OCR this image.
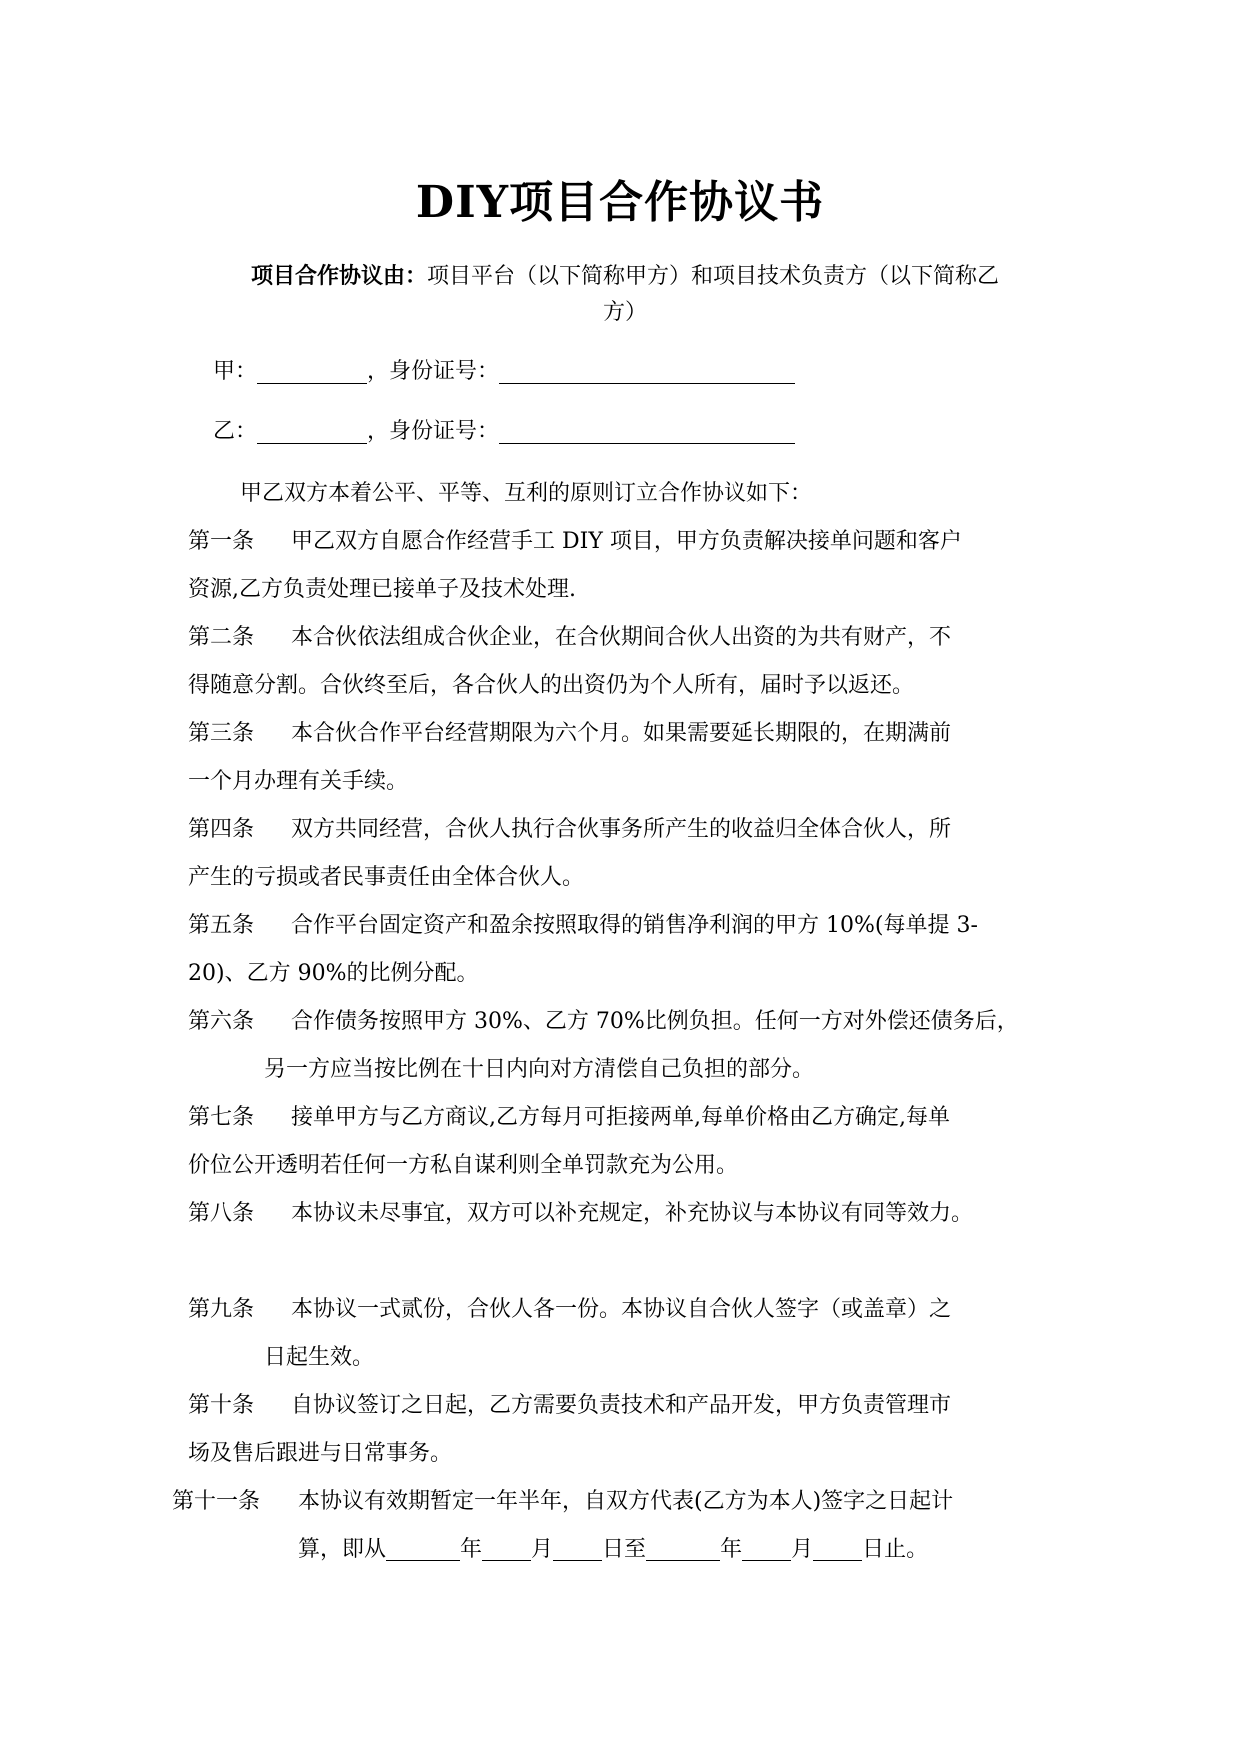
DIY项目合作协议书
项目合作协议由：项目平台（以下简称甲方）和项目技术负责方（以下简称乙
方）
甲：	，身份证号：
乙：	，身份证号：
甲乙双方本着公平、平等、互利的原则订立合作协议如下：
第一条 甲乙双方自愿合作经营手工 DIY 项目，甲方负责解决接单问题和客户
资源,乙方负责处理已接单子及技术处理.
第二条 本合伙依法组成合伙企业，在合伙期间合伙人出资的为共有财产，不
得随意分割。合伙终至后，各合伙人的出资仍为个人所有，届时予以返还。
第三条 本合伙合作平台经营期限为六个月。如果需要延长期限的，在期满前
一个月办理有关手续。
第四条 双方共同经营，合伙人执行合伙事务所产生的收益归全体合伙人，所
产生的亏损或者民事责任由全体合伙人。
第五条 合作平台固定资产和盈余按照取得的销售净利润的甲方 10%(每单提 3-
20)、乙方 90%的比例分配。
第六条 合作债务按照甲方 30%、乙方 70%比例负担。任何一方对外偿还债务后，
另一方应当按比例在十日内向对方清偿自己负担的部分。
第七条 接单甲方与乙方商议,乙方每月可拒接两单,每单价格由乙方确定,每单
价位公开透明若任何一方私自谋利则全单罚款充为公用。
第八条 本协议未尽事宜，双方可以补充规定，补充协议与本协议有同等效力。
第九条 本协议一式贰份，合伙人各一份。本协议自合伙人签字（或盖章）之
日起生效。
第十条 自协议签订之日起，乙方需要负责技术和产品开发，甲方负责管理市
场及售后跟进与日常事务。
第十一条 本协议有效期暂定一年半年，自双方代表(乙方为本人)签字之日起计
算，即从	年 月 日至	年 月 日止。
